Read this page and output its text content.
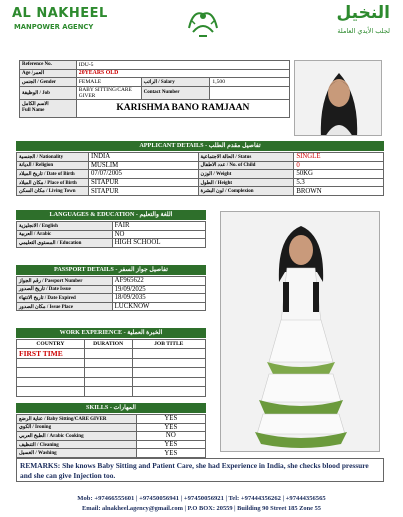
AL NAKHEEL
MANPOWER AGENCY
النخيل
لجلب الأيدي العاملة
Reference No.	IDU-5		
Age /العمر	20YEARS OLD		
الجنس / Gender	FEMALE	الراتب / Salary	1,500
الوظيفة / Job	BABY SITTING/CARE
GIVER	Contact Number	
الاسم الكامل
Full Name	KARISHMA BANO RAMJAAN		
APPLICANT DETAILS - تفاصيل مقدم الطلب
الجنسية / Nationality	INDIA	الحالة الاجتماعية / Status	SINGLE
الديانة / Religion	MUSLIM	عدد الاطفال / No. of Child	0
تاريخ الميلاد / Date of Birth	07/07/2005	الوزن / Weight	50KG
مكان الميلاد / Place of Birth	SITAPUR	الطول / Height	5.3
مكان السكن / Living Town	SITAPUR	لون البشرة / Complexion	BROWN
LANGUAGES & EDUCATION - اللغة والتعليم
الانجليزية / English	FAIR
العربية / Arabic	NO
المستوى التعليمي / Education	HIGH SCHOOL
PASSPORT DETAILS - تفاصيل جواز السفر
رقم الجواز / Passport Number	AF965622
تاريخ الصدور / Date Issue	19/09/2025
تاريخ الانتهاء / Date Expired	18/09/2035
مكان الصدور / Issue Place	LUCKNOW
WORK EXPERIENCE - الخبرة العملية
COUNTRY	DURATION	JOB TITLE
FIRST TIME		

SKILLS - المهارات
عناية الرضع / Baby Sitting/CARE GIVER	YES
الكوي / Ironing	YES
الطبخ العربي / Arabic Cooking	NO
التنظيف / Cleaning	YES
الغسيل / Washing	YES
REMARKS: She knows Baby Sitting and Patient Care, she had Experience in India, she checks blood pressure and she can give Injection too.
Mob: +97466555601 | +97450056941 | +97450056921 | Tel: +97444356262 | +97444356565
Email: alnakheel.agency@gmail.com | P.O BOX: 20559 | Building 90 Street 185 Zone 55
